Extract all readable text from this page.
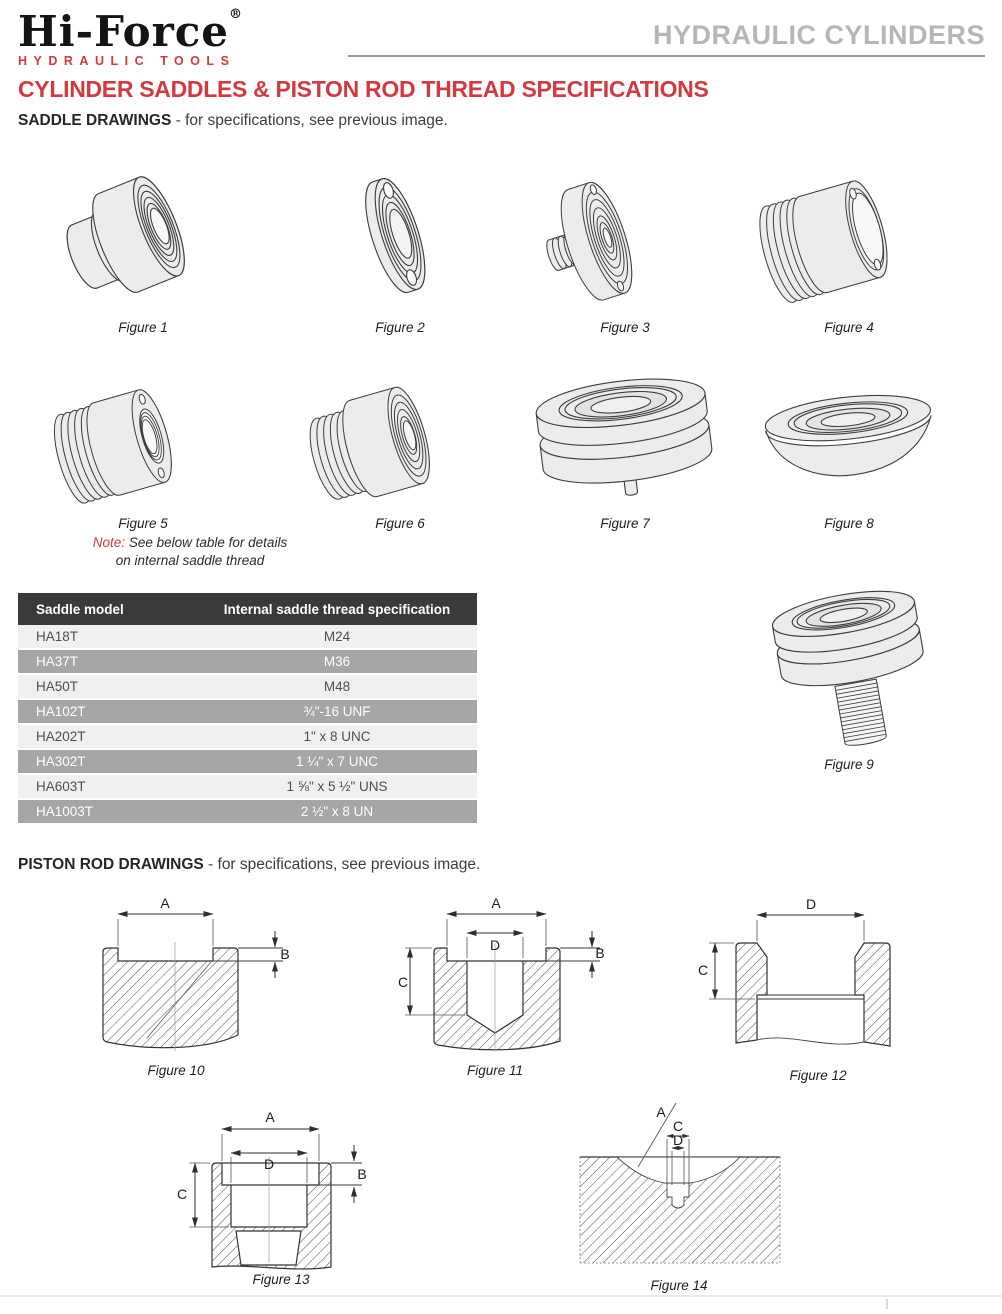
Hi-Force®
HYDRAULIC TOOLS
HYDRAULIC CYLINDERS
CYLINDER SADDLES & PISTON ROD THREAD SPECIFICATIONS
SADDLE DRAWINGS - for specifications, see previous image.
Figure 1	Figure 2	Figure 3	Figure 4
Figure 5	Figure 6	Figure 7	Figure 8
Note: See below table for details
on internal saddle thread
Saddle model	Internal saddle thread specification
HA18T	M24
HA37T	M36
HA50T	M48
HA102T	¾"-16 UNF
HA202T	1" x 8 UNC
HA302T	1 ¼" x 7 UNC
HA603T	1 ⅝" x 5 ½" UNS
HA1003T	2 ½" x 8 UN
Figure 9
PISTON ROD DRAWINGS - for specifications, see previous image.
B
A	A
D	B
C
D
C
Figure 10	Figure 11	Figure 12
A
D
B
C
A
C
D
Figure 13	Figure 14
